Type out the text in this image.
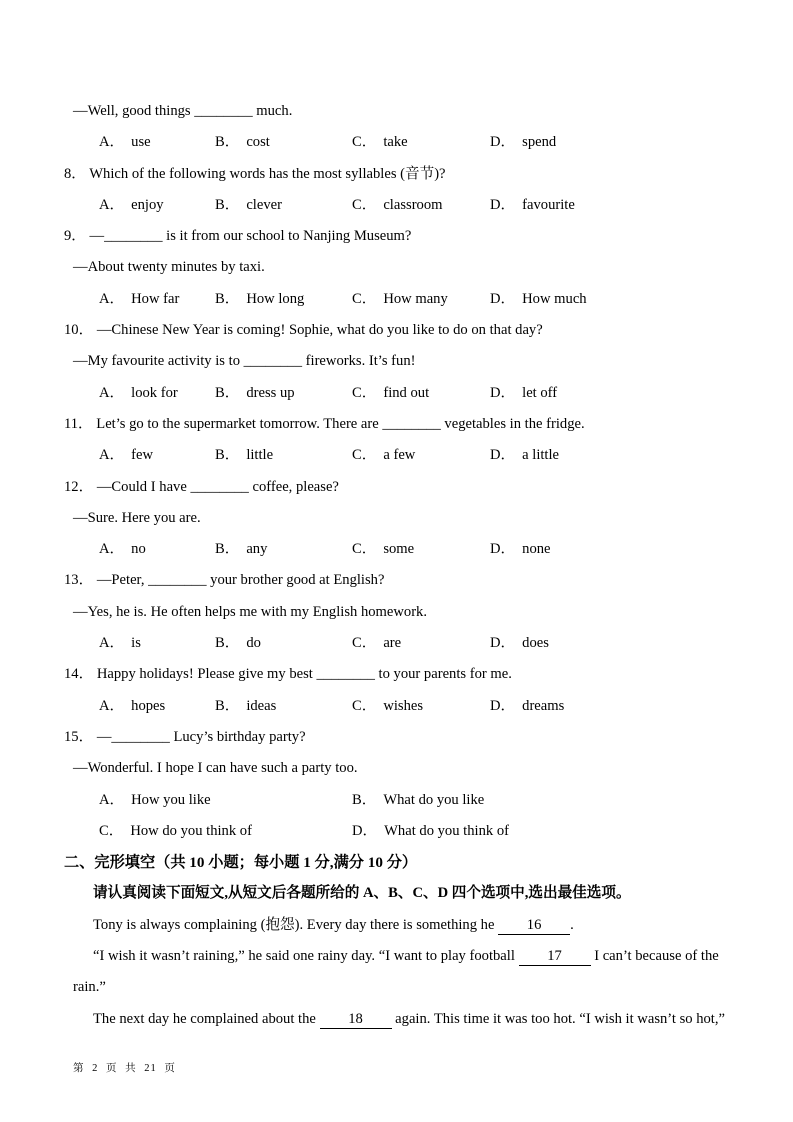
—Well, good things ________ much.
A． use	B． cost	C． take	D． spend
8． Which of the following words has the most syllables (音节)?
A． enjoy	B． clever	C． classroom	D． favourite
9． —________ is it from our school to Nanjing Museum?
—About twenty minutes by taxi.
A． How far B． How long	C． How many	D． How much
10． —Chinese New Year is coming! Sophie, what do you like to do on that day?
—My favourite activity is to ________ fireworks. It’s fun!
A． look for	B． dress up	C． find out	D． let off
11． Let’s go to the supermarket tomorrow. There are ________ vegetables in the fridge.
A． few	B． little	C． a few	D． a little
12． —Could I have ________ coffee, please?
—Sure. Here you are.
A． no	B． any	C． some	D． none
13． —Peter, ________ your brother good at English?
—Yes, he is. He often helps me with my English homework.
A． is	B． do	C． are	D． does
14． Happy holidays! Please give my best ________ to your parents for me.
A． hopes	B． ideas	C． wishes	D． dreams
15． —________ Lucy’s birthday party?
—Wonderful. I hope I can have such a party too.
A． How you like	B． What do you like
C． How do you think of	D． What do you think of
二、完形填空（共 10 小题；每小题 1 分,满分 10 分）
请认真阅读下面短文,从短文后各题所给的 A、B、C、D 四个选项中,选出最佳选项。
Tony is always complaining (抱怨). Every day there is something he 16 .
“I wish it wasn’t raining,” he said one rainy day. “I want to play football 17 I can’t because of the
rain.”
The next day he complained about the 18 again. This time it was too hot. “I wish it wasn’t so hot,”
第 2 页 共 21 页
